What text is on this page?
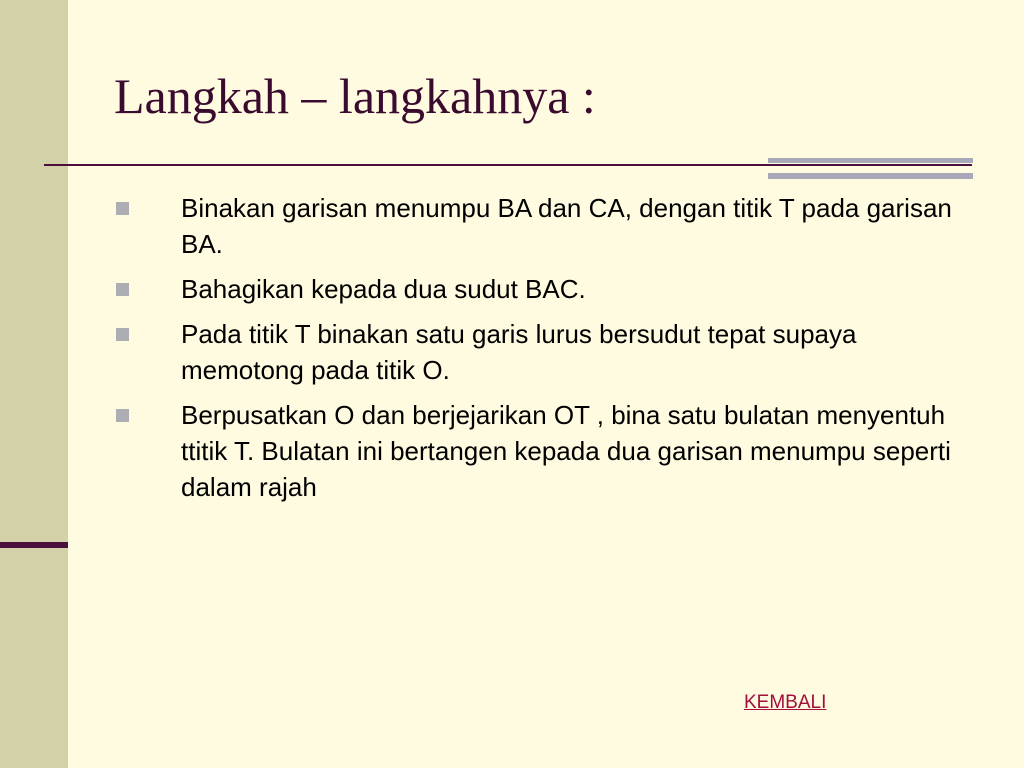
Langkah – langkahnya :
Binakan garisan menumpu BA dan CA, dengan titik T pada garisan BA.
Bahagikan kepada dua sudut BAC.
Pada titik T binakan satu garis lurus bersudut tepat supaya memotong pada titik O.
Berpusatkan O dan berjejarikan OT , bina satu bulatan menyentuh ttitik T. Bulatan ini bertangen kepada dua garisan menumpu seperti dalam rajah
KEMBALI
